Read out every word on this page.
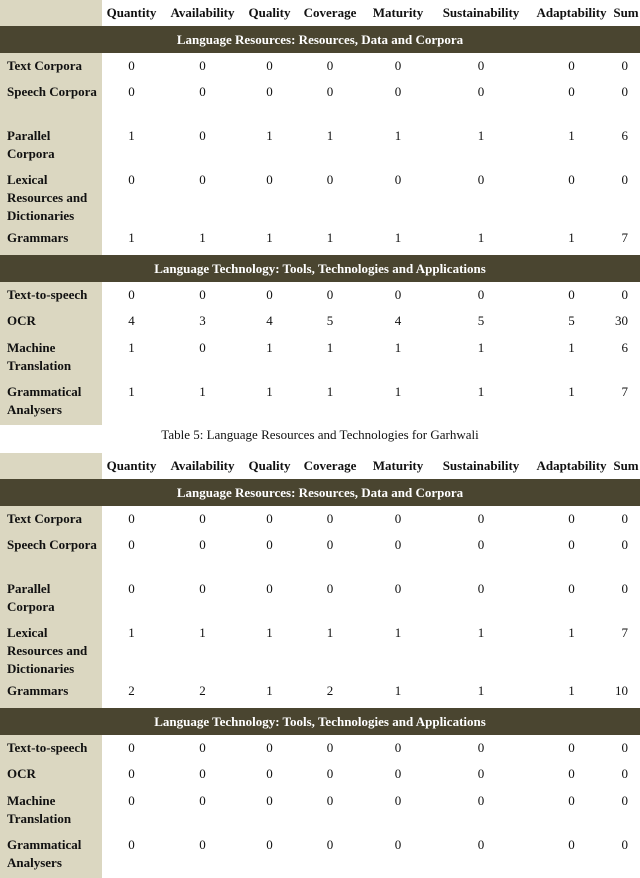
	Quantity	Availability	Quality	Coverage	Maturity	Sustainability	Adaptability	Sum	
Language Resources: Resources, Data and Corpora									
Text Corpora	0	0	0	0	0	0	0	0	
Speech Corpora	0	0	0	0	0	0	0	0	
Parallel Corpora	1	0	1	1	1	1	1	6	
Lexical Resources and Dictionaries	0	0	0	0	0	0	0	0	
Grammars	1	1	1	1	1	1	1	7	
Language Technology: Tools, Technologies and Applications									
Text-to-speech	0	0	0	0	0	0	0	0	
OCR	4	3	4	5	4	5	5	30	
Machine Translation	1	0	1	1	1	1	1	6	
Grammatical Analysers	1	1	1	1	1	1	1	7	
	Quantity	Availability	Quality	Coverage	Maturity	Sustainability	Adaptability	Sum	
Language Resources: Resources, Data and Corpora									
Text Corpora	0	0	0	0	0	0	0	0	
Speech Corpora	0	0	0	0	0	0	0	0	
Parallel Corpora	0	0	0	0	0	0	0	0	
Lexical Resources and Dictionaries	1	1	1	1	1	1	1	7	
Grammars	2	2	1	2	1	1	1	10	
Language Technology: Tools, Technologies and Applications									
Text-to-speech	0	0	0	0	0	0	0	0	
OCR	0	0	0	0	0	0	0	0	
Machine Translation	0	0	0	0	0	0	0	0	
Grammatical Analysers	0	0	0	0	0	0	0	0	
Table 5: Language Resources and Technologies for Garhwali
